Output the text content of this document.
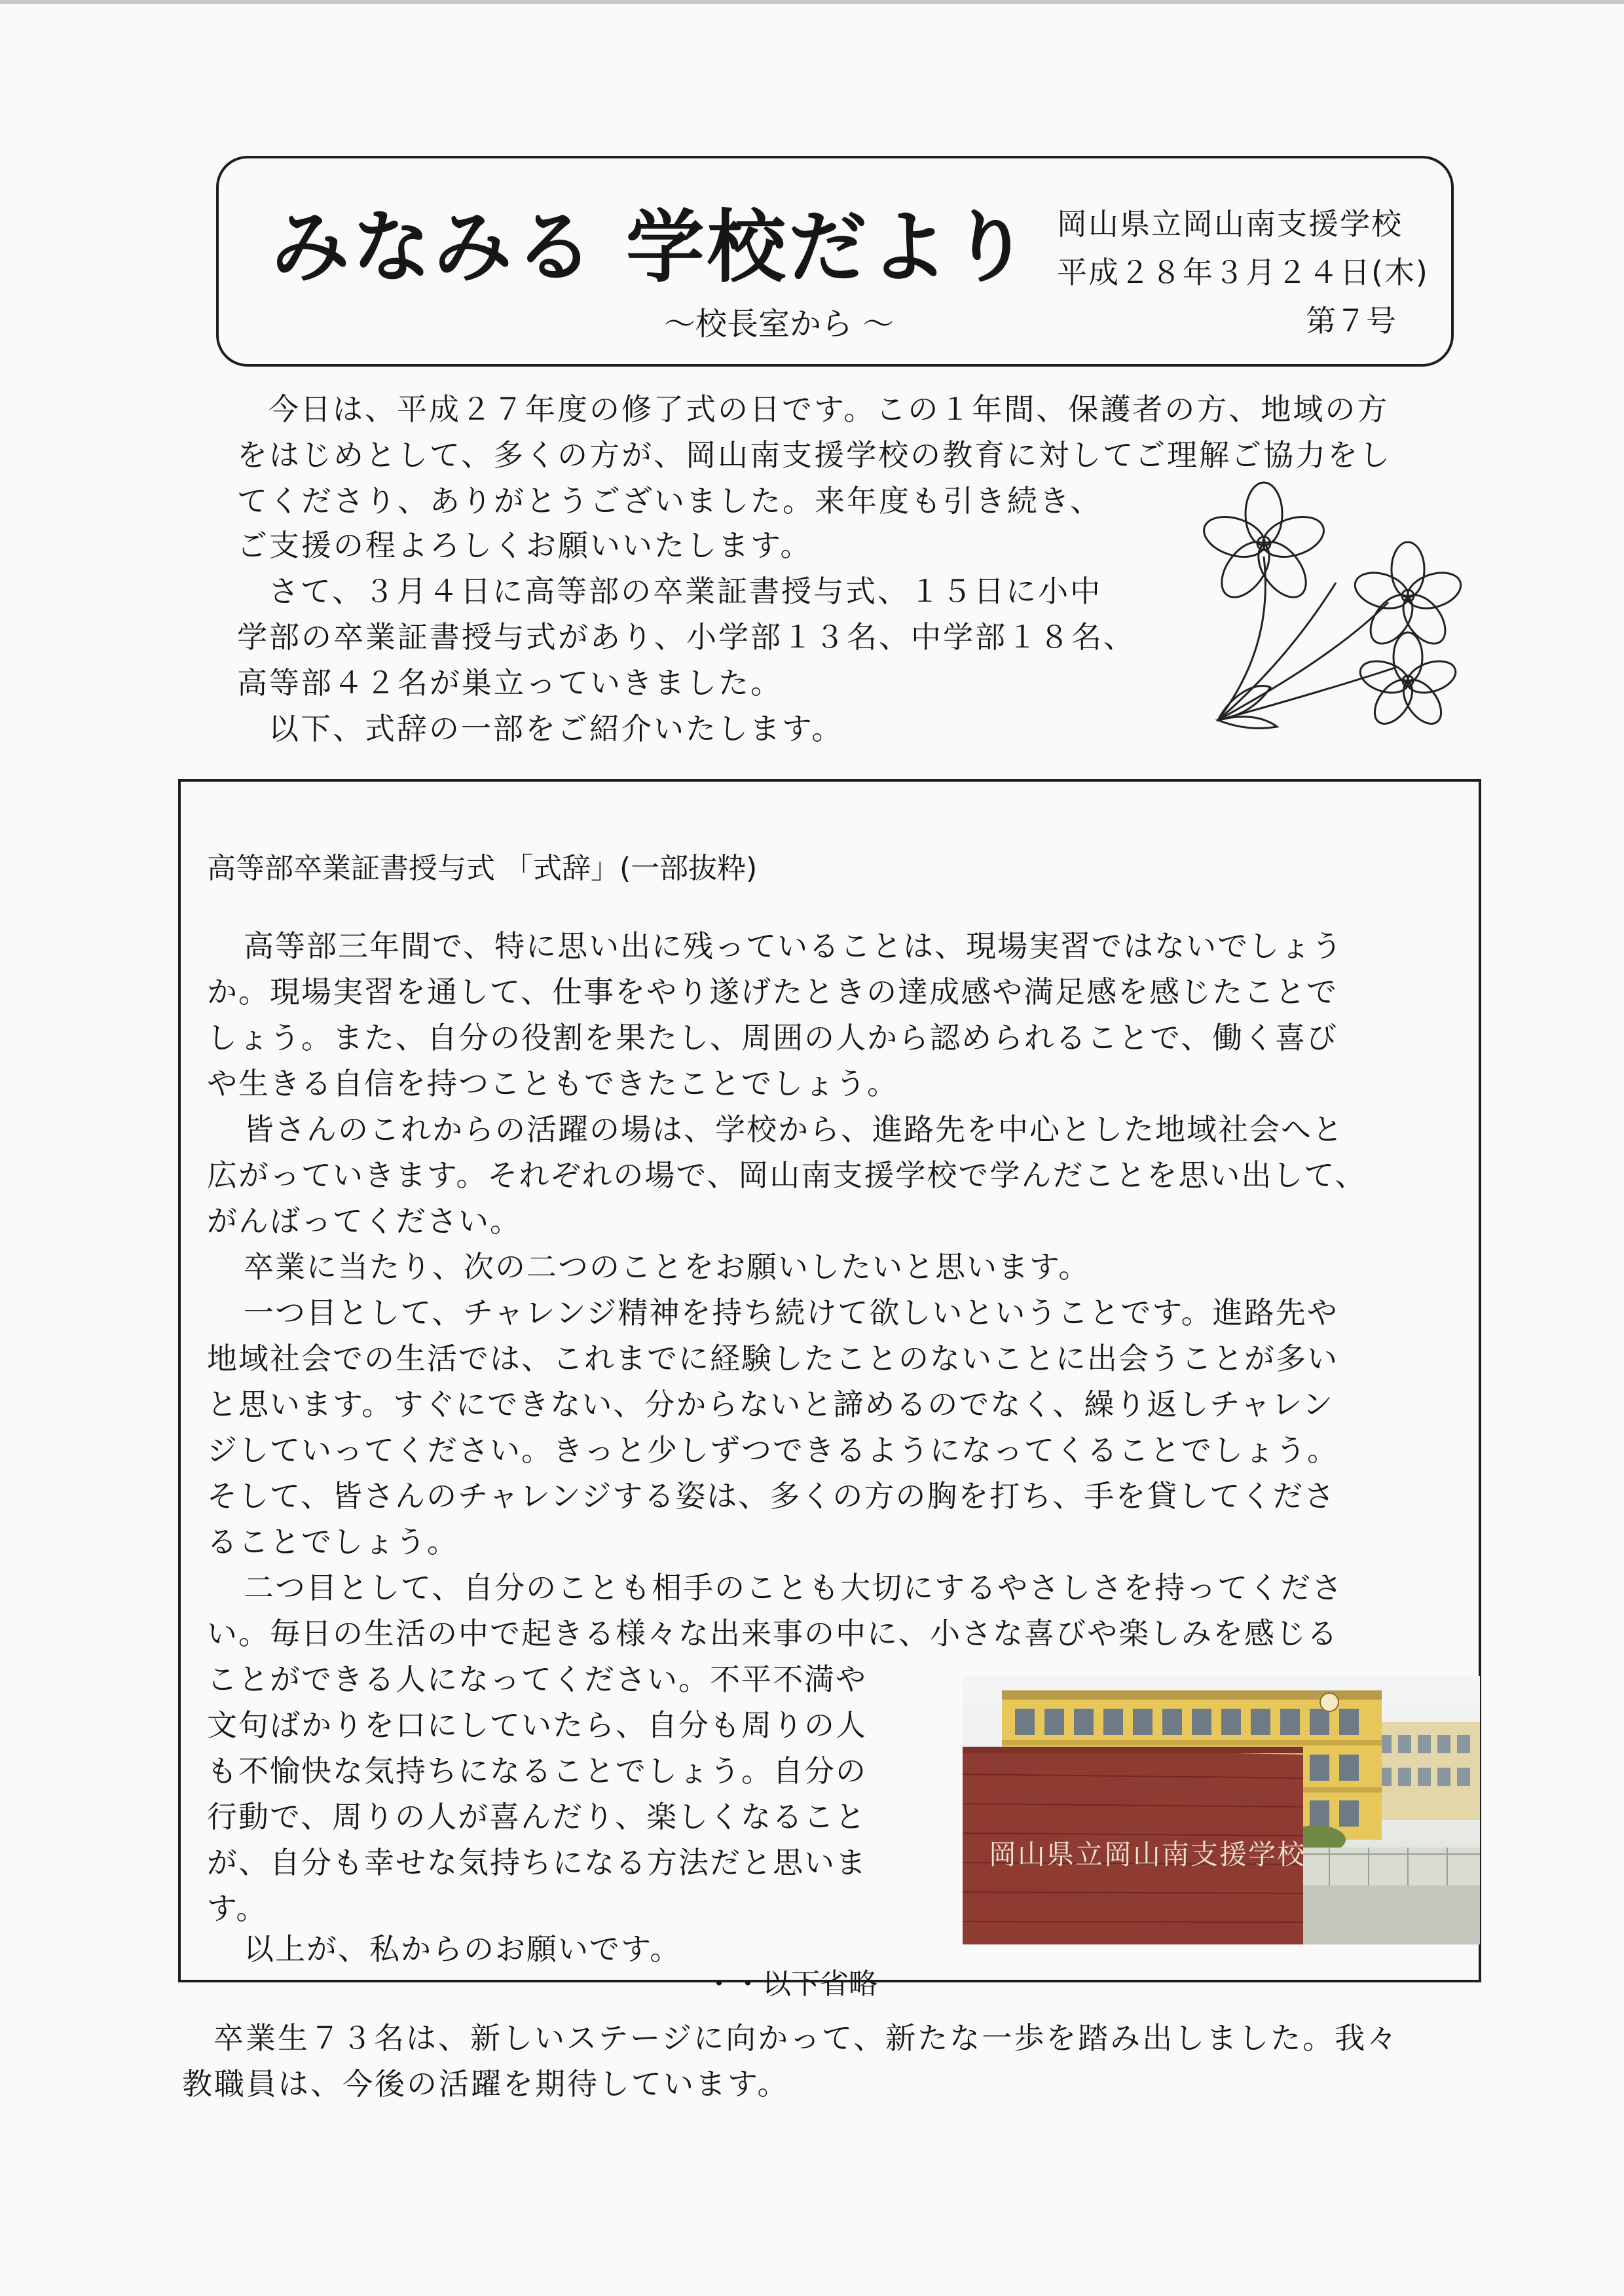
みなみる 学校だより
～校長室から ～
岡山県立岡山南支援学校
平成２８年３月２４日(木)
第７号
今日は、平成２７年度の修了式の日です。この１年間、保護者の方、地域の方
をはじめとして、多くの方が、岡山南支援学校の教育に対してご理解ご協力をし
てくださり、ありがとうございました。来年度も引き続き、
ご支援の程よろしくお願いいたします。
さて、３月４日に高等部の卒業証書授与式、１５日に小中
学部の卒業証書授与式があり、小学部１３名、中学部１８名、
高等部４２名が巣立っていきました。
以下、式辞の一部をご紹介いたします。
高等部卒業証書授与式 「式辞」(一部抜粋)
高等部三年間で、特に思い出に残っていることは、現場実習ではないでしょう
か。現場実習を通して、仕事をやり遂げたときの達成感や満足感を感じたことで
しょう。また、自分の役割を果たし、周囲の人から認められることで、働く喜び
や生きる自信を持つこともできたことでしょう。
皆さんのこれからの活躍の場は、学校から、進路先を中心とした地域社会へと
広がっていきます。それぞれの場で、岡山南支援学校で学んだことを思い出して、
がんばってください。
卒業に当たり、次の二つのことをお願いしたいと思います。
一つ目として、チャレンジ精神を持ち続けて欲しいということです。進路先や
地域社会での生活では、これまでに経験したことのないことに出会うことが多い
と思います。すぐにできない、分からないと諦めるのでなく、繰り返しチャレン
ジしていってください。きっと少しずつできるようになってくることでしょう。
そして、皆さんのチャレンジする姿は、多くの方の胸を打ち、手を貸してくださ
ることでしょう。
二つ目として、自分のことも相手のことも大切にするやさしさを持ってくださ
い。毎日の生活の中で起きる様々な出来事の中に、小さな喜びや楽しみを感じる
ことができる人になってください。不平不満や
文句ばかりを口にしていたら、自分も周りの人
も不愉快な気持ちになることでしょう。自分の
行動で、周りの人が喜んだり、楽しくなること
が、自分も幸せな気持ちになる方法だと思いま
す。
以上が、私からのお願いです。
・・以下省略
岡山県立岡山南支援学校
卒業生７３名は、新しいステージに向かって、新たな一歩を踏み出しました。我々
教職員は、今後の活躍を期待しています。
